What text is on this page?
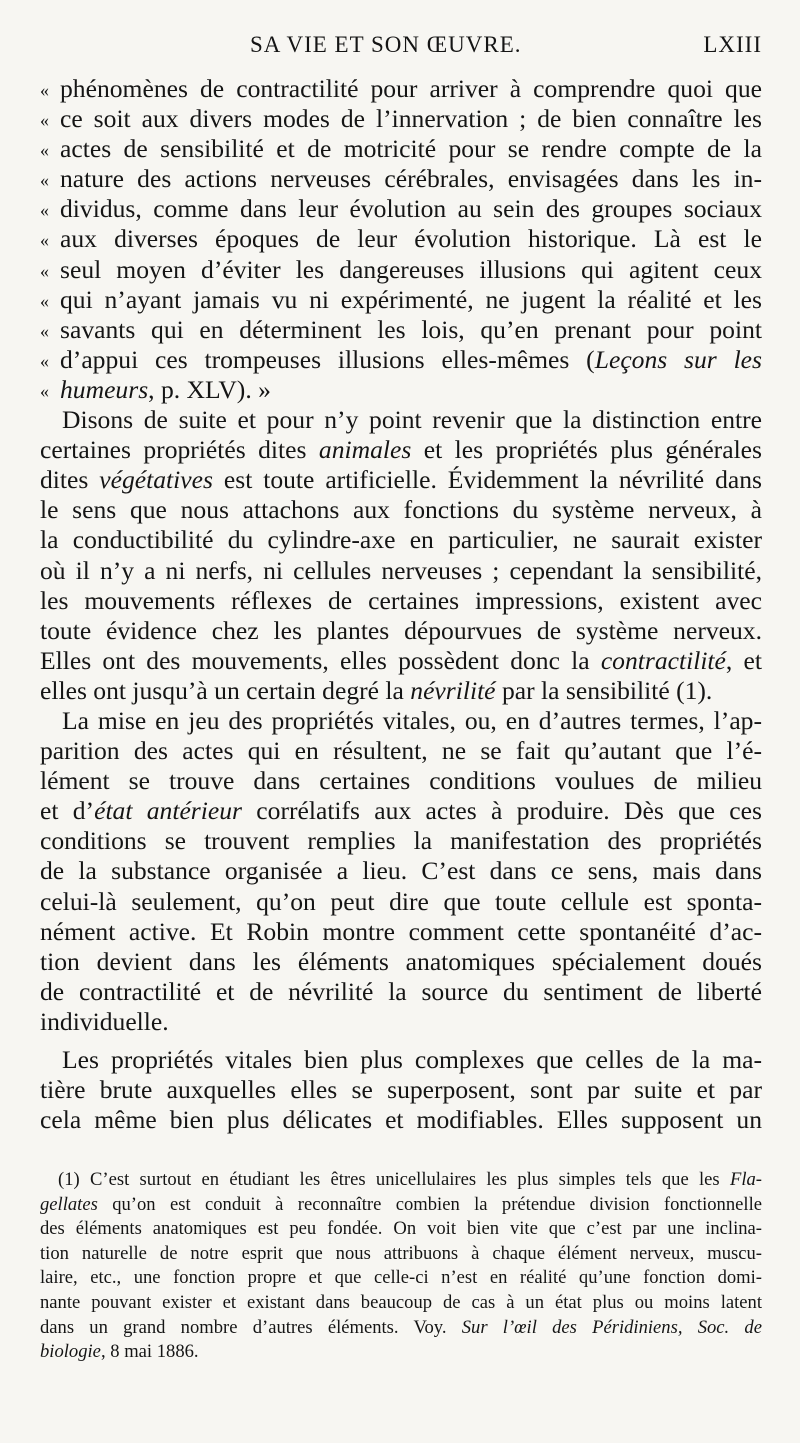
SA VIE ET SON ŒUVRE.	LXIII
« phénomènes de contractilité pour arriver à comprendre quoi que
« ce soit aux divers modes de l’innervation ; de bien connaître les
« actes de sensibilité et de motricité pour se rendre compte de la
« nature des actions nerveuses cérébrales, envisagées dans les in-
« dividus, comme dans leur évolution au sein des groupes sociaux
« aux diverses époques de leur évolution historique. Là est le
« seul moyen d’éviter les dangereuses illusions qui agitent ceux
« qui n’ayant jamais vu ni expérimenté, ne jugent la réalité et les
« savants qui en déterminent les lois, qu’en prenant pour point
« d’appui ces trompeuses illusions elles-mêmes (Leçons sur les
« humeurs, p. XLV). »
Disons de suite et pour n’y point revenir que la distinction entre
certaines propriétés dites animales et les propriétés plus générales
dites végétatives est toute artificielle. Évidemment la névrilité dans
le sens que nous attachons aux fonctions du système nerveux, à
la conductibilité du cylindre-axe en particulier, ne saurait exister
où il n’y a ni nerfs, ni cellules nerveuses ; cependant la sensibilité,
les mouvements réflexes de certaines impressions, existent avec
toute évidence chez les plantes dépourvues de système nerveux.
Elles ont des mouvements, elles possèdent donc la contractilité, et
elles ont jusqu’à un certain degré la névrilité par la sensibilité (1).
La mise en jeu des propriétés vitales, ou, en d’autres termes, l’ap-
parition des actes qui en résultent, ne se fait qu’autant que l’é-
lément se trouve dans certaines conditions voulues de milieu
et d’état antérieur corrélatifs aux actes à produire. Dès que ces
conditions se trouvent remplies la manifestation des propriétés
de la substance organisée a lieu. C’est dans ce sens, mais dans
celui-là seulement, qu’on peut dire que toute cellule est sponta-
nément active. Et Robin montre comment cette spontanéité d’ac-
tion devient dans les éléments anatomiques spécialement doués
de contractilité et de névrilité la source du sentiment de liberté
individuelle.
Les propriétés vitales bien plus complexes que celles de la ma-
tière brute auxquelles elles se superposent, sont par suite et par
cela même bien plus délicates et modifiables. Elles supposent un
(1) C’est surtout en étudiant les êtres unicellulaires les plus simples tels que les Fla-
gellates qu’on est conduit à reconnaître combien la prétendue division fonctionnelle
des éléments anatomiques est peu fondée. On voit bien vite que c’est par une inclina-
tion naturelle de notre esprit que nous attribuons à chaque élément nerveux, muscu-
laire, etc., une fonction propre et que celle-ci n’est en réalité qu’une fonction domi-
nante pouvant exister et existant dans beaucoup de cas à un état plus ou moins latent
dans un grand nombre d’autres éléments. Voy. Sur l’œil des Péridiniens, Soc. de
biologie, 8 mai 1886.
